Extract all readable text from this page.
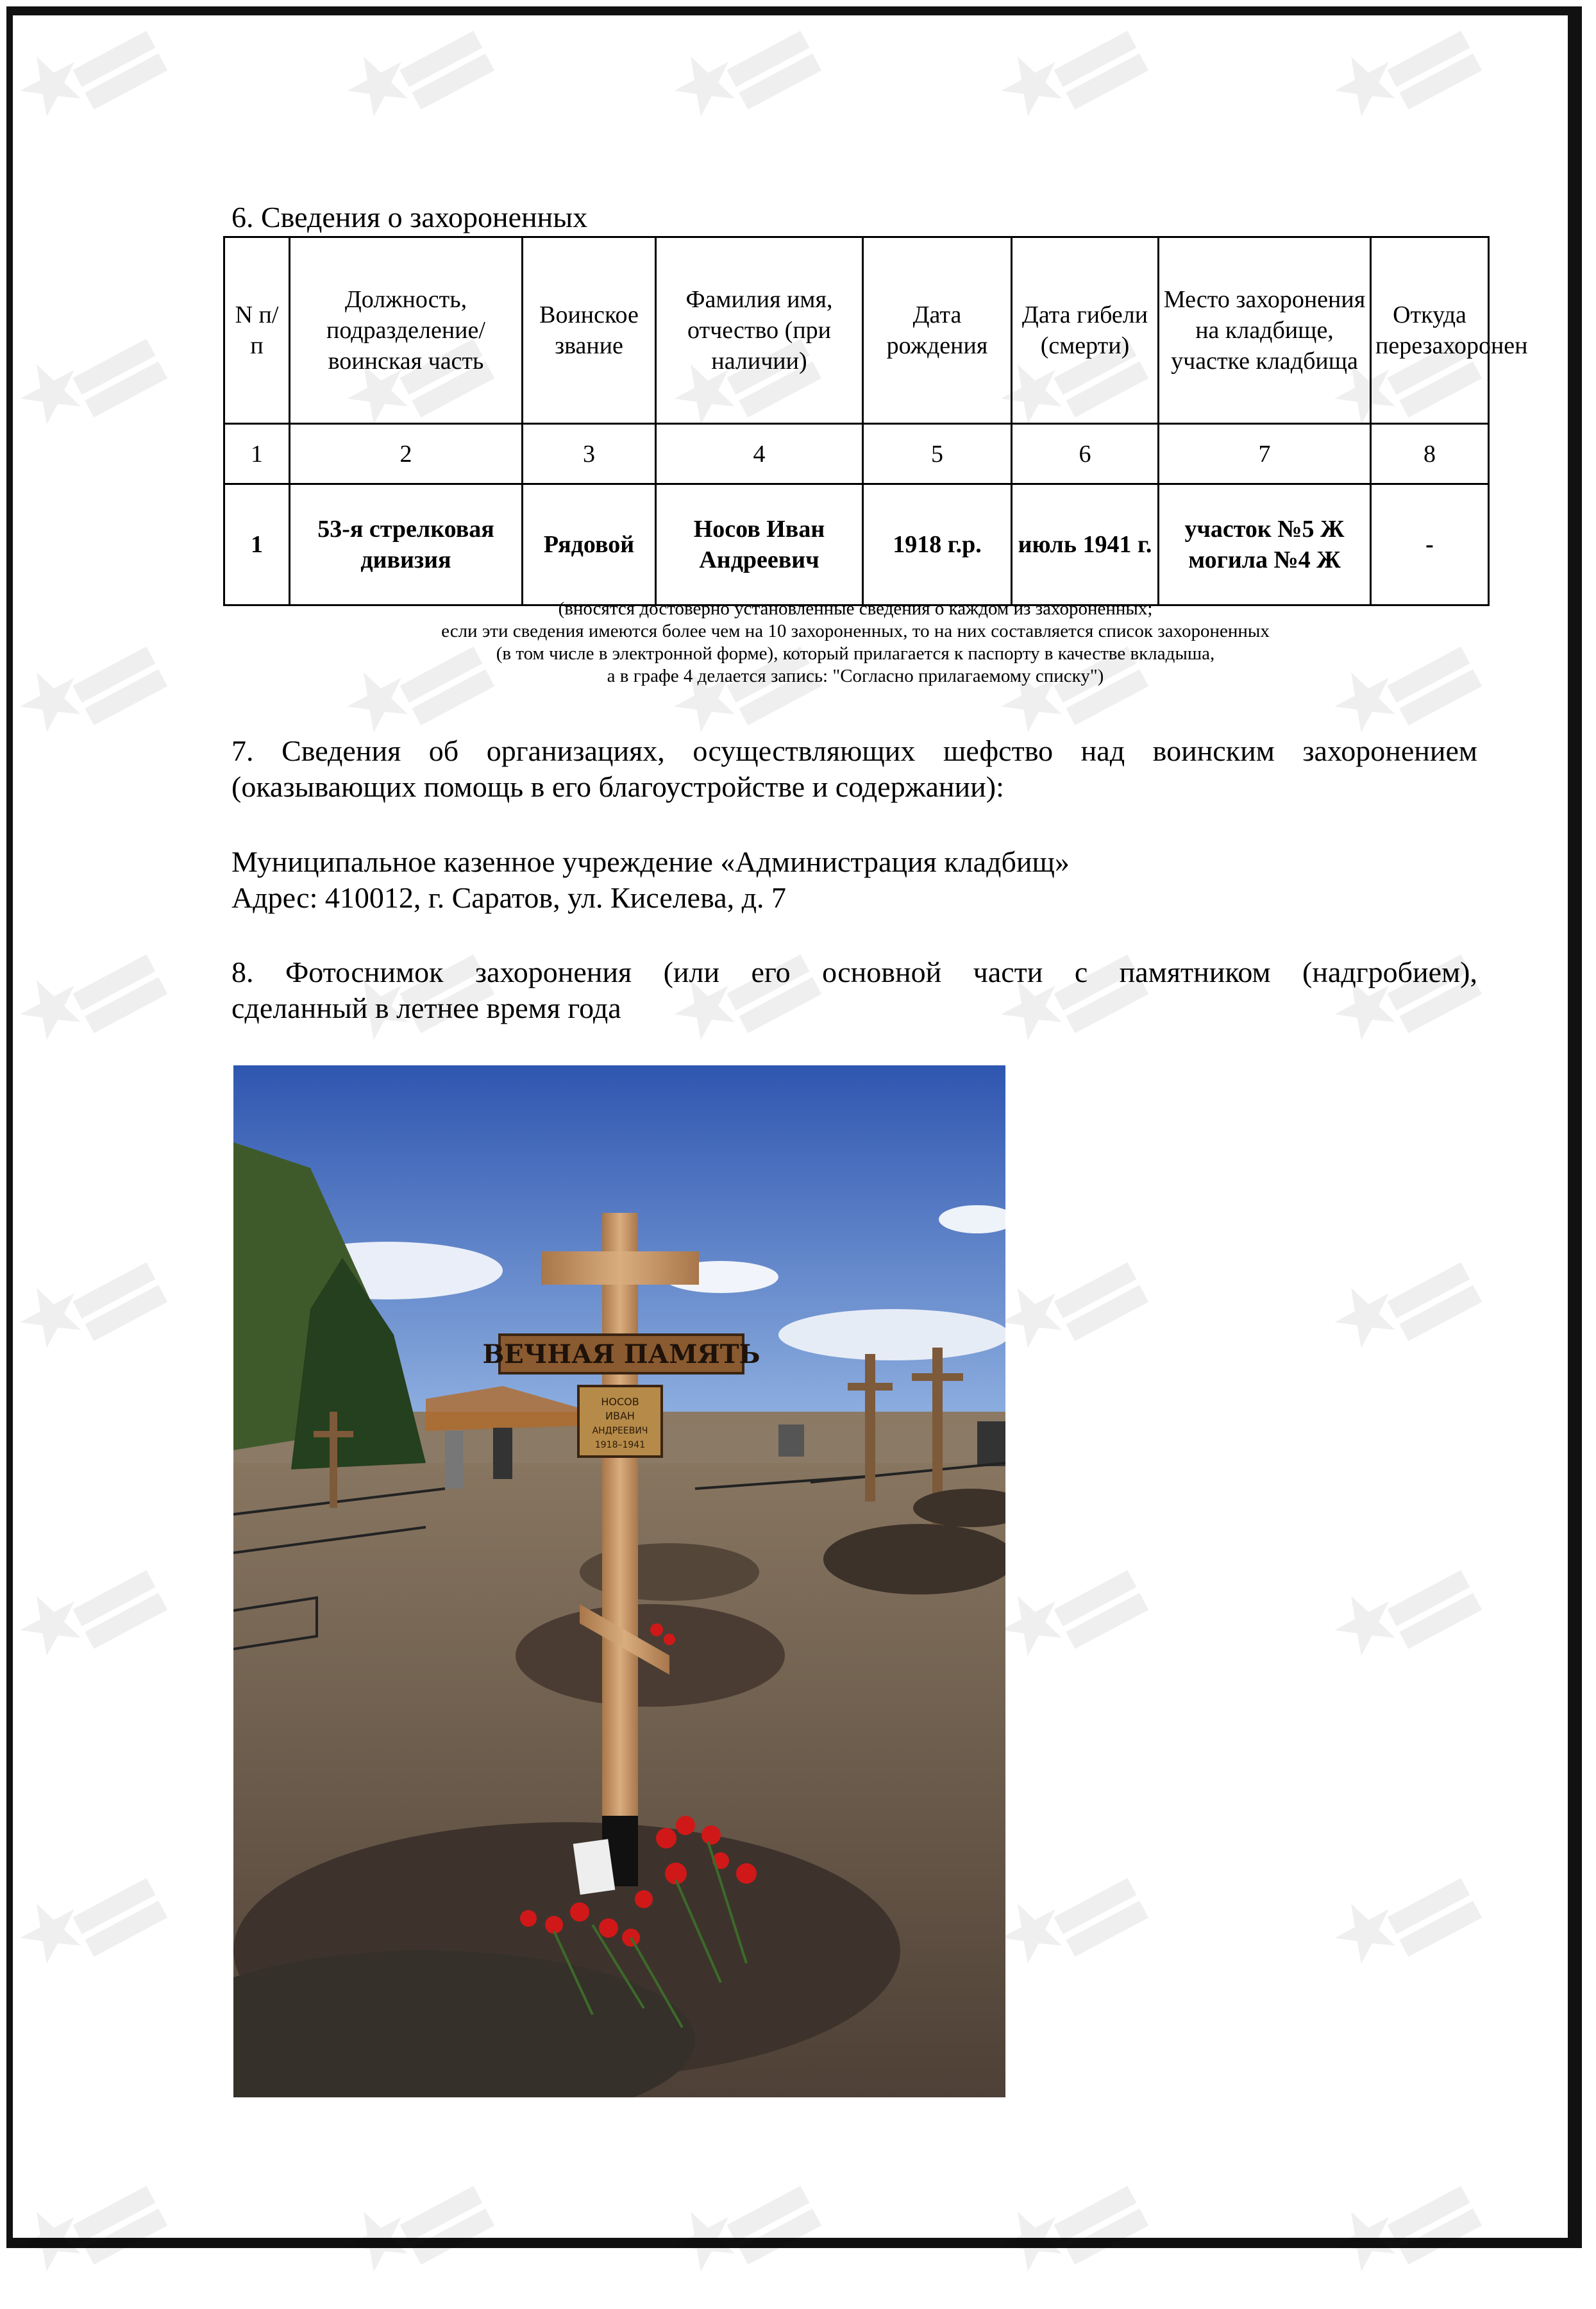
6. Сведения о захороненных
N п/п	Должность, подразделение/воинская часть	Воинское звание	Фамилия имя, отчество (при наличии)	Дата рождения	Дата гибели (смерти)	Место захоронения на кладбище, участке кладбища	Откуда перезахоронен
1	2	3	4	5	6	7	8
1	53-я стрелковая дивизия	Рядовой	Носов Иван Андреевич	1918 г.р.	июль 1941 г.	участок №5 Ж могила №4 Ж	-
(вносятся достоверно установленные сведения о каждом из захороненных;
если эти сведения имеются более чем на 10 захороненных, то на них составляется список захороненных
(в том числе в электронной форме), который прилагается к паспорту в качестве вкладыша,
а в графе 4 делается запись: "Согласно прилагаемому списку")
7. Сведения об организациях, осуществляющих шефство над воинским захоронением
(оказывающих помощь в его благоустройстве и содержании):
Муниципальное казенное учреждение «Администрация кладбищ»
Адрес: 410012, г. Саратов, ул. Киселева, д. 7
8. Фотоснимок захоронения (или его основной части с памятником (надгробием),
сделанный в летнее время года
ВЕЧНАЯ ПАМЯТЬ
НОСОВ
ИВАН
АНДРЕЕВИЧ
1918–1941
